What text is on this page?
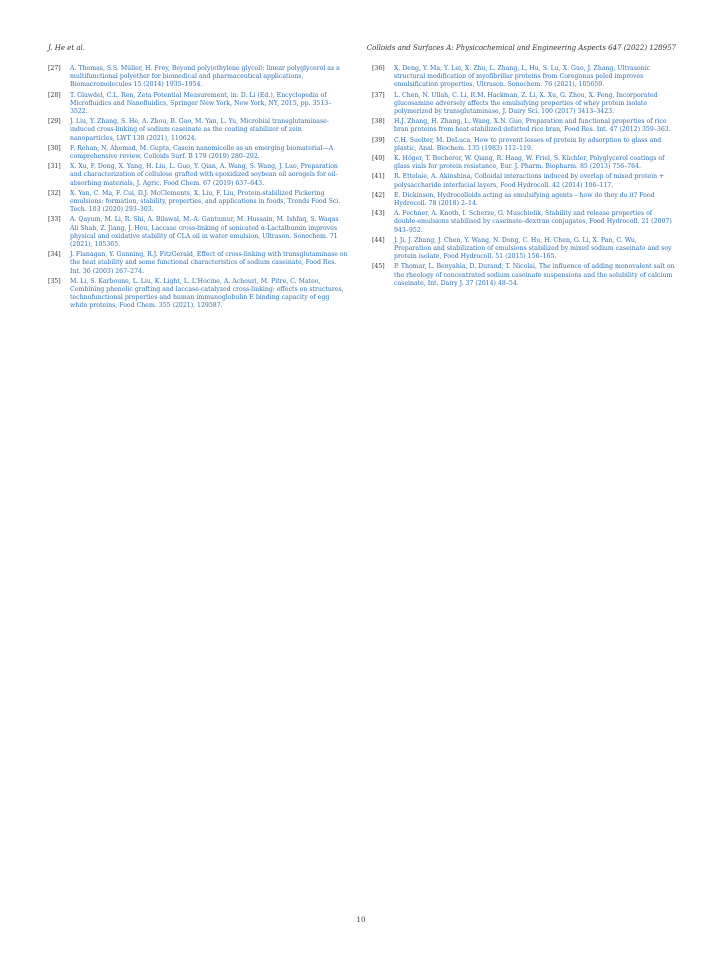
J. He et al.	Colloids and Surfaces A: Physicochemical and Engineering Aspects 647 (2022) 128957
[27]	A. Thomas, S.S. Müller, H. Frey, Beyond poly(ethylene glycol): linear polyglycerol as a multifunctional polyether for biomedical and pharmaceutical applications, Biomacromolecules 15 (2014) 1935–1954.
[28]	T. Glawdel, C.L. Ren, Zeta Potential Measurement, in: D. Li (Ed.), Encyclopedia of Microfluidics and Nanofluidics, Springer New York, New York, NY, 2015, pp. 3513–3522.
[29]	J. Liu, Y. Zhang, S. He, A. Zhou, B. Gao, M. Yan, L. Yu, Microbial transglutaminase-induced cross-linking of sodium caseinate as the coating stabilizer of zein nanoparticles, LWT 138 (2021), 110624.
[30]	F. Rehan, N. Ahemad, M. Gupta, Casein nanomicelle as an emerging biomaterial—A comprehensive review, Colloids Surf. B 179 (2019) 280–292.
[31]	X. Xu, F. Dong, X. Yang, H. Liu, L. Guo, Y. Qian, A. Wang, S. Wang, J. Luo, Preparation and characterization of cellulose grafted with epoxidized soybean oil aerogels for oil-absorbing materials, J. Agric. Food Chem. 67 (2019) 637–643.
[32]	X. Yan, C. Ma, F. Cui, D.J. McClements, X. Liu, F. Liu, Protein-stabilized Pickering emulsions: formation, stability, properties, and applications in foods, Trends Food Sci. Tech. 103 (2020) 293–303.
[33]	A. Qayum, M. Li, R. Shi, A. Bilawal, M.-A. Gantumur, M. Hussain, M. Ishfaq, S. Waqas Ali Shah, Z. Jiang, J. Hou, Laccase cross-linking of sonicated α-Lactalbumin improves physical and oxidative stability of CLA oil in water emulsion, Ultrason. Sonochem. 71 (2021), 105365.
[34]	J. Flanagan, Y. Gunning, R.J. FitzGerald, Effect of cross-linking with transglutaminase on the heat stability and some functional characteristics of sodium caseinate, Food Res. Int. 36 (2003) 267–274.
[35]	M. Li, S. Karboune, L. Liu, K. Light, L. L'Hocine, A. Achouri, M. Pitre, C. Mateo, Combining phenolic grafting and laccase-catalyzed cross-linking: effects on structures, technofunctional properties and human immunoglobulin E binding capacity of egg white proteins, Food Chem. 355 (2021), 129587.
[36]	X. Deng, Y. Ma, Y. Lei, X. Zhu, L. Zhang, L. Hu, S. Lu, X. Guo, J. Zhang, Ultrasonic structural modification of myofibrillar proteins from Coregonus peled improves emulsification properties, Ultrason. Sonochem. 76 (2021), 105659.
[37]	L. Chen, N. Ullah, C. Li, R.M. Hackman, Z. Li, X. Xu, G. Zhou, X. Feng, Incorporated glucosamine adversely affects the emulsifying properties of whey protein isolate polymerized by transglutaminase, J. Dairy Sci. 100 (2017) 3413–3423.
[38]	H.J. Zhang, H. Zhang, L. Wang, X.N. Guo, Preparation and functional properties of rice bran proteins from heat-stabilized defatted rice bran, Food Res. Int. 47 (2012) 359–363.
[39]	C.H. Suelter, M. DeLuca, How to prevent losses of protein by adsorption to glass and plastic, Anal. Biochem. 135 (1983) 112–119.
[40]	K. Höger, T. Becherer, W. Qiang, R. Haag, W. Friel, S. Küchler, Polyglycerol coatings of glass vials for protein resistance, Eur. J. Pharm. Biopharm. 85 (2013) 756–764.
[41]	R. Ettelaie, A. Akinshina, Colloidal interactions induced by overlap of mixed protein + polysaccharide interfacial layers, Food Hydrocoll. 42 (2014) 106–117.
[42]	E. Dickinson, Hydrocolloids acting as emulsifying agents – how do they do it? Food Hydrocoll. 78 (2018) 2–14.
[43]	A. Fechner, A. Knoth, I. Scherze, G. Muschiolik, Stability and release properties of double-emulsions stabilised by caseinate–dextran conjugates, Food Hydrocoll. 21 (2007) 943–952.
[44]	J. Ji, J. Zhang, J. Chen, Y. Wang, N. Dong, C. Hu, H. Chen, G. Li, X. Pan, C. Wu, Preparation and stabilization of emulsions stabilized by mixed sodium caseinate and soy protein isolate, Food Hydrocoll. 51 (2015) 156–165.
[45]	P. Thomar, L. Benyahia, D. Durand, T. Nicolai, The influence of adding monovalent salt on the rheology of concentrated sodium caseinate suspensions and the solubility of calcium caseinate, Int. Dairy J. 37 (2014) 48–54.
10
